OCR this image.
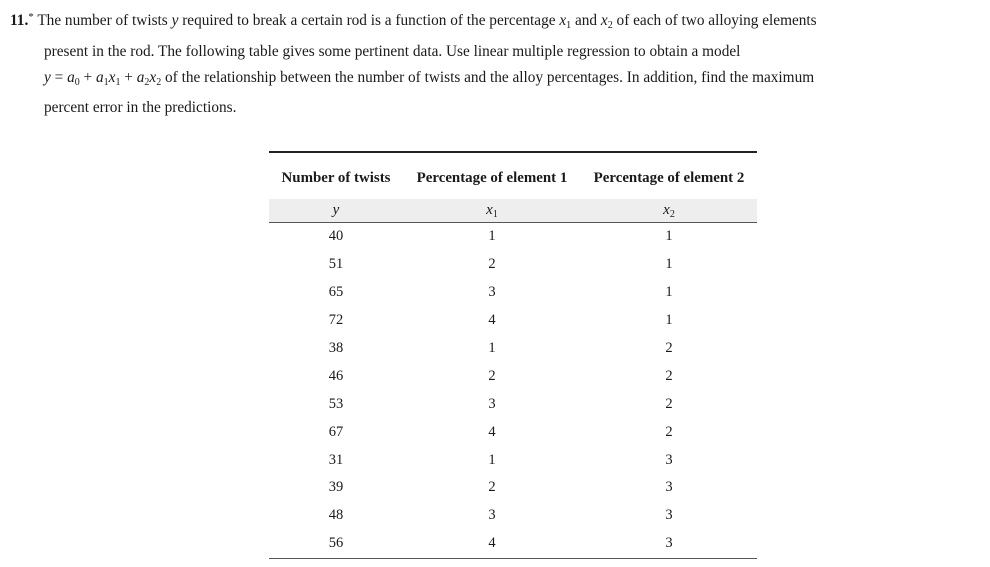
11.* The number of twists y required to break a certain rod is a function of the percentage $x_1$ and $x_2$ of each of two alloying elements
present in the rod. The following table gives some pertinent data. Use linear multiple regression to obtain a model
$y = a_0 + a_1x_1 + a_2x_2$ of the relationship between the number of twists and the alloy percentages. In addition, find the maximum
percent error in the predictions.
Number of twists	Percentage of element 1	Percentage of element 2
y	$x_1$	$x_2$
40	1	1
51	2	1
65	3	1
72	4	1
38	1	2
46	2	2
53	3	2
67	4	2
31	1	3
39	2	3
48	3	3
56	4	3
